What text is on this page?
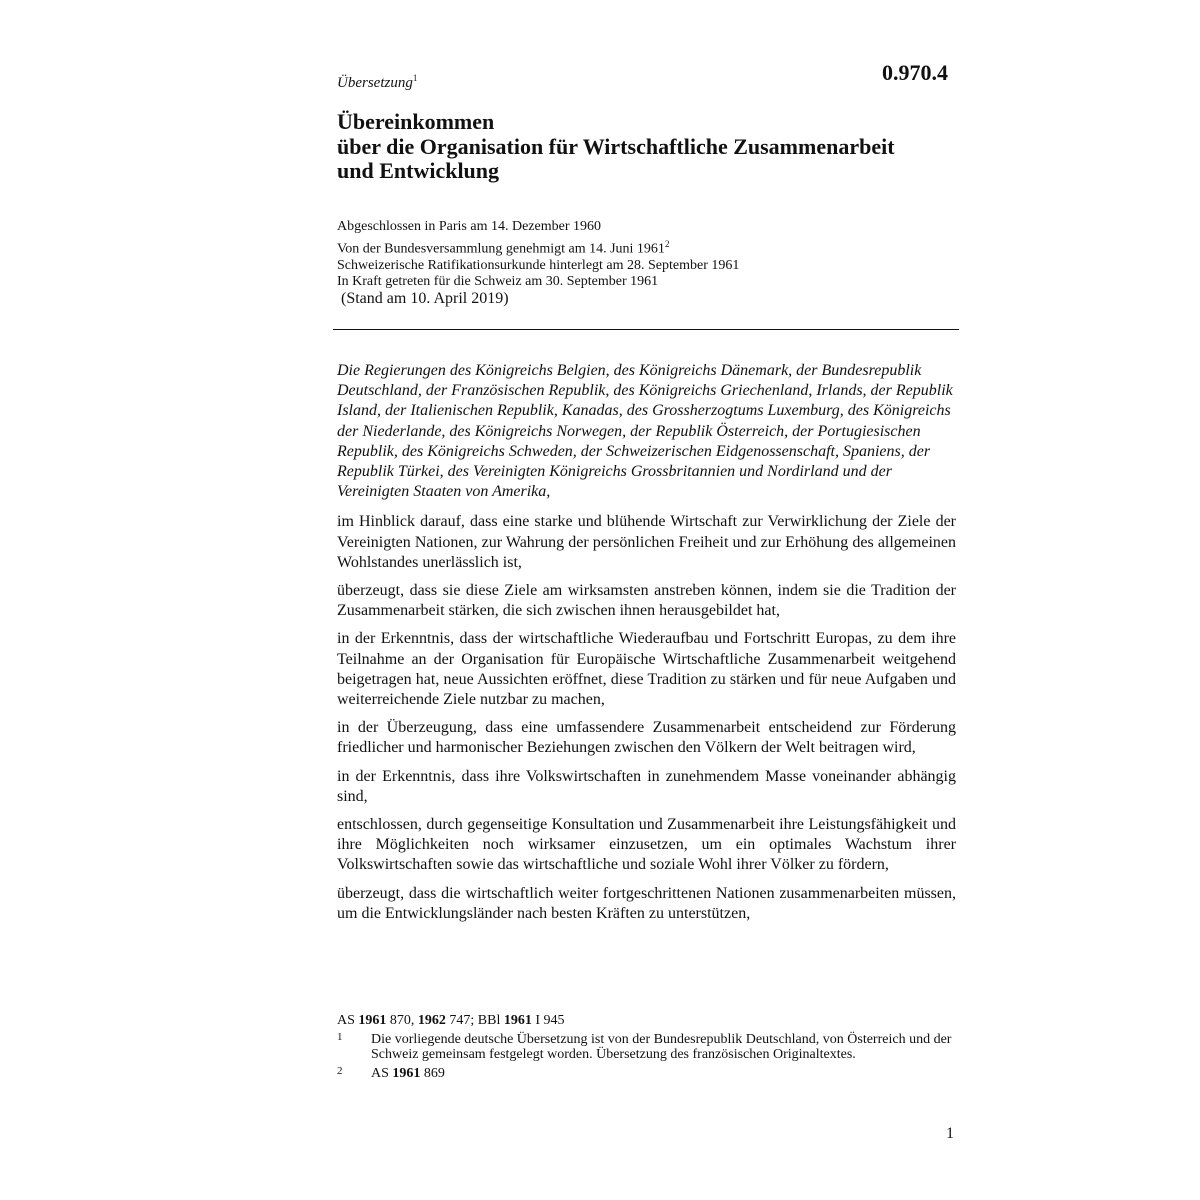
0.970.4
Übersetzung$^1$
Übereinkommen
über die Organisation für Wirtschaftliche Zusammenarbeit
und Entwicklung
Abgeschlossen in Paris am 14. Dezember 1960
Von der Bundesversammlung genehmigt am 14. Juni 1961$^2$
Schweizerische Ratifikationsurkunde hinterlegt am 28. September 1961
In Kraft getreten für die Schweiz am 30. September 1961
(Stand am 10. April 2019)

Die Regierungen des Königreichs Belgien, des Königreichs Dänemark, der Bundesrepublik Deutschland, der Französischen Republik, des Königreichs Griechenland, Irlands, der Republik Island, der Italienischen Republik, Kanadas, des Grossherzogtums Luxemburg, des Königreichs der Niederlande, des Königreichs Norwegen, der Republik Österreich, der Portugiesischen Republik, des Königreichs Schweden, der Schweizerischen Eidgenossenschaft, Spaniens, der Republik Türkei, des Vereinigten Königreichs Grossbritannien und Nordirland und der Vereinigten Staaten von Amerika,

im Hinblick darauf, dass eine starke und blühende Wirtschaft zur Verwirklichung der Ziele der Vereinigten Nationen, zur Wahrung der persönlichen Freiheit und zur Erhöhung des allgemeinen Wohlstandes unerlässlich ist,

überzeugt, dass sie diese Ziele am wirksamsten anstreben können, indem sie die Tradition der Zusammenarbeit stärken, die sich zwischen ihnen herausgebildet hat,

in der Erkenntnis, dass der wirtschaftliche Wiederaufbau und Fortschritt Europas, zu dem ihre Teilnahme an der Organisation für Europäische Wirtschaftliche Zusammenarbeit weitgehend beigetragen hat, neue Aussichten eröffnet, diese Tradition zu stärken und für neue Aufgaben und weiterreichende Ziele nutzbar zu machen,

in der Überzeugung, dass eine umfassendere Zusammenarbeit entscheidend zur Förderung friedlicher und harmonischer Beziehungen zwischen den Völkern der Welt beitragen wird,

in der Erkenntnis, dass ihre Volkswirtschaften in zunehmendem Masse voneinander abhängig sind,

entschlossen, durch gegenseitige Konsultation und Zusammenarbeit ihre Leistungsfähigkeit und ihre Möglichkeiten noch wirksamer einzusetzen, um ein optimales Wachstum ihrer Volkswirtschaften sowie das wirtschaftliche und soziale Wohl ihrer Völker zu fördern,

überzeugt, dass die wirtschaftlich weiter fortgeschrittenen Nationen zusammenarbeiten müssen, um die Entwicklungsländer nach besten Kräften zu unterstützen,

AS 1961 870, 1962 747; BBl 1961 I 945
1 Die vorliegende deutsche Übersetzung ist von der Bundesrepublik Deutschland, von Österreich und der Schweiz gemeinsam festgelegt worden. Übersetzung des französischen Originaltextes.
2 AS 1961 869
1
